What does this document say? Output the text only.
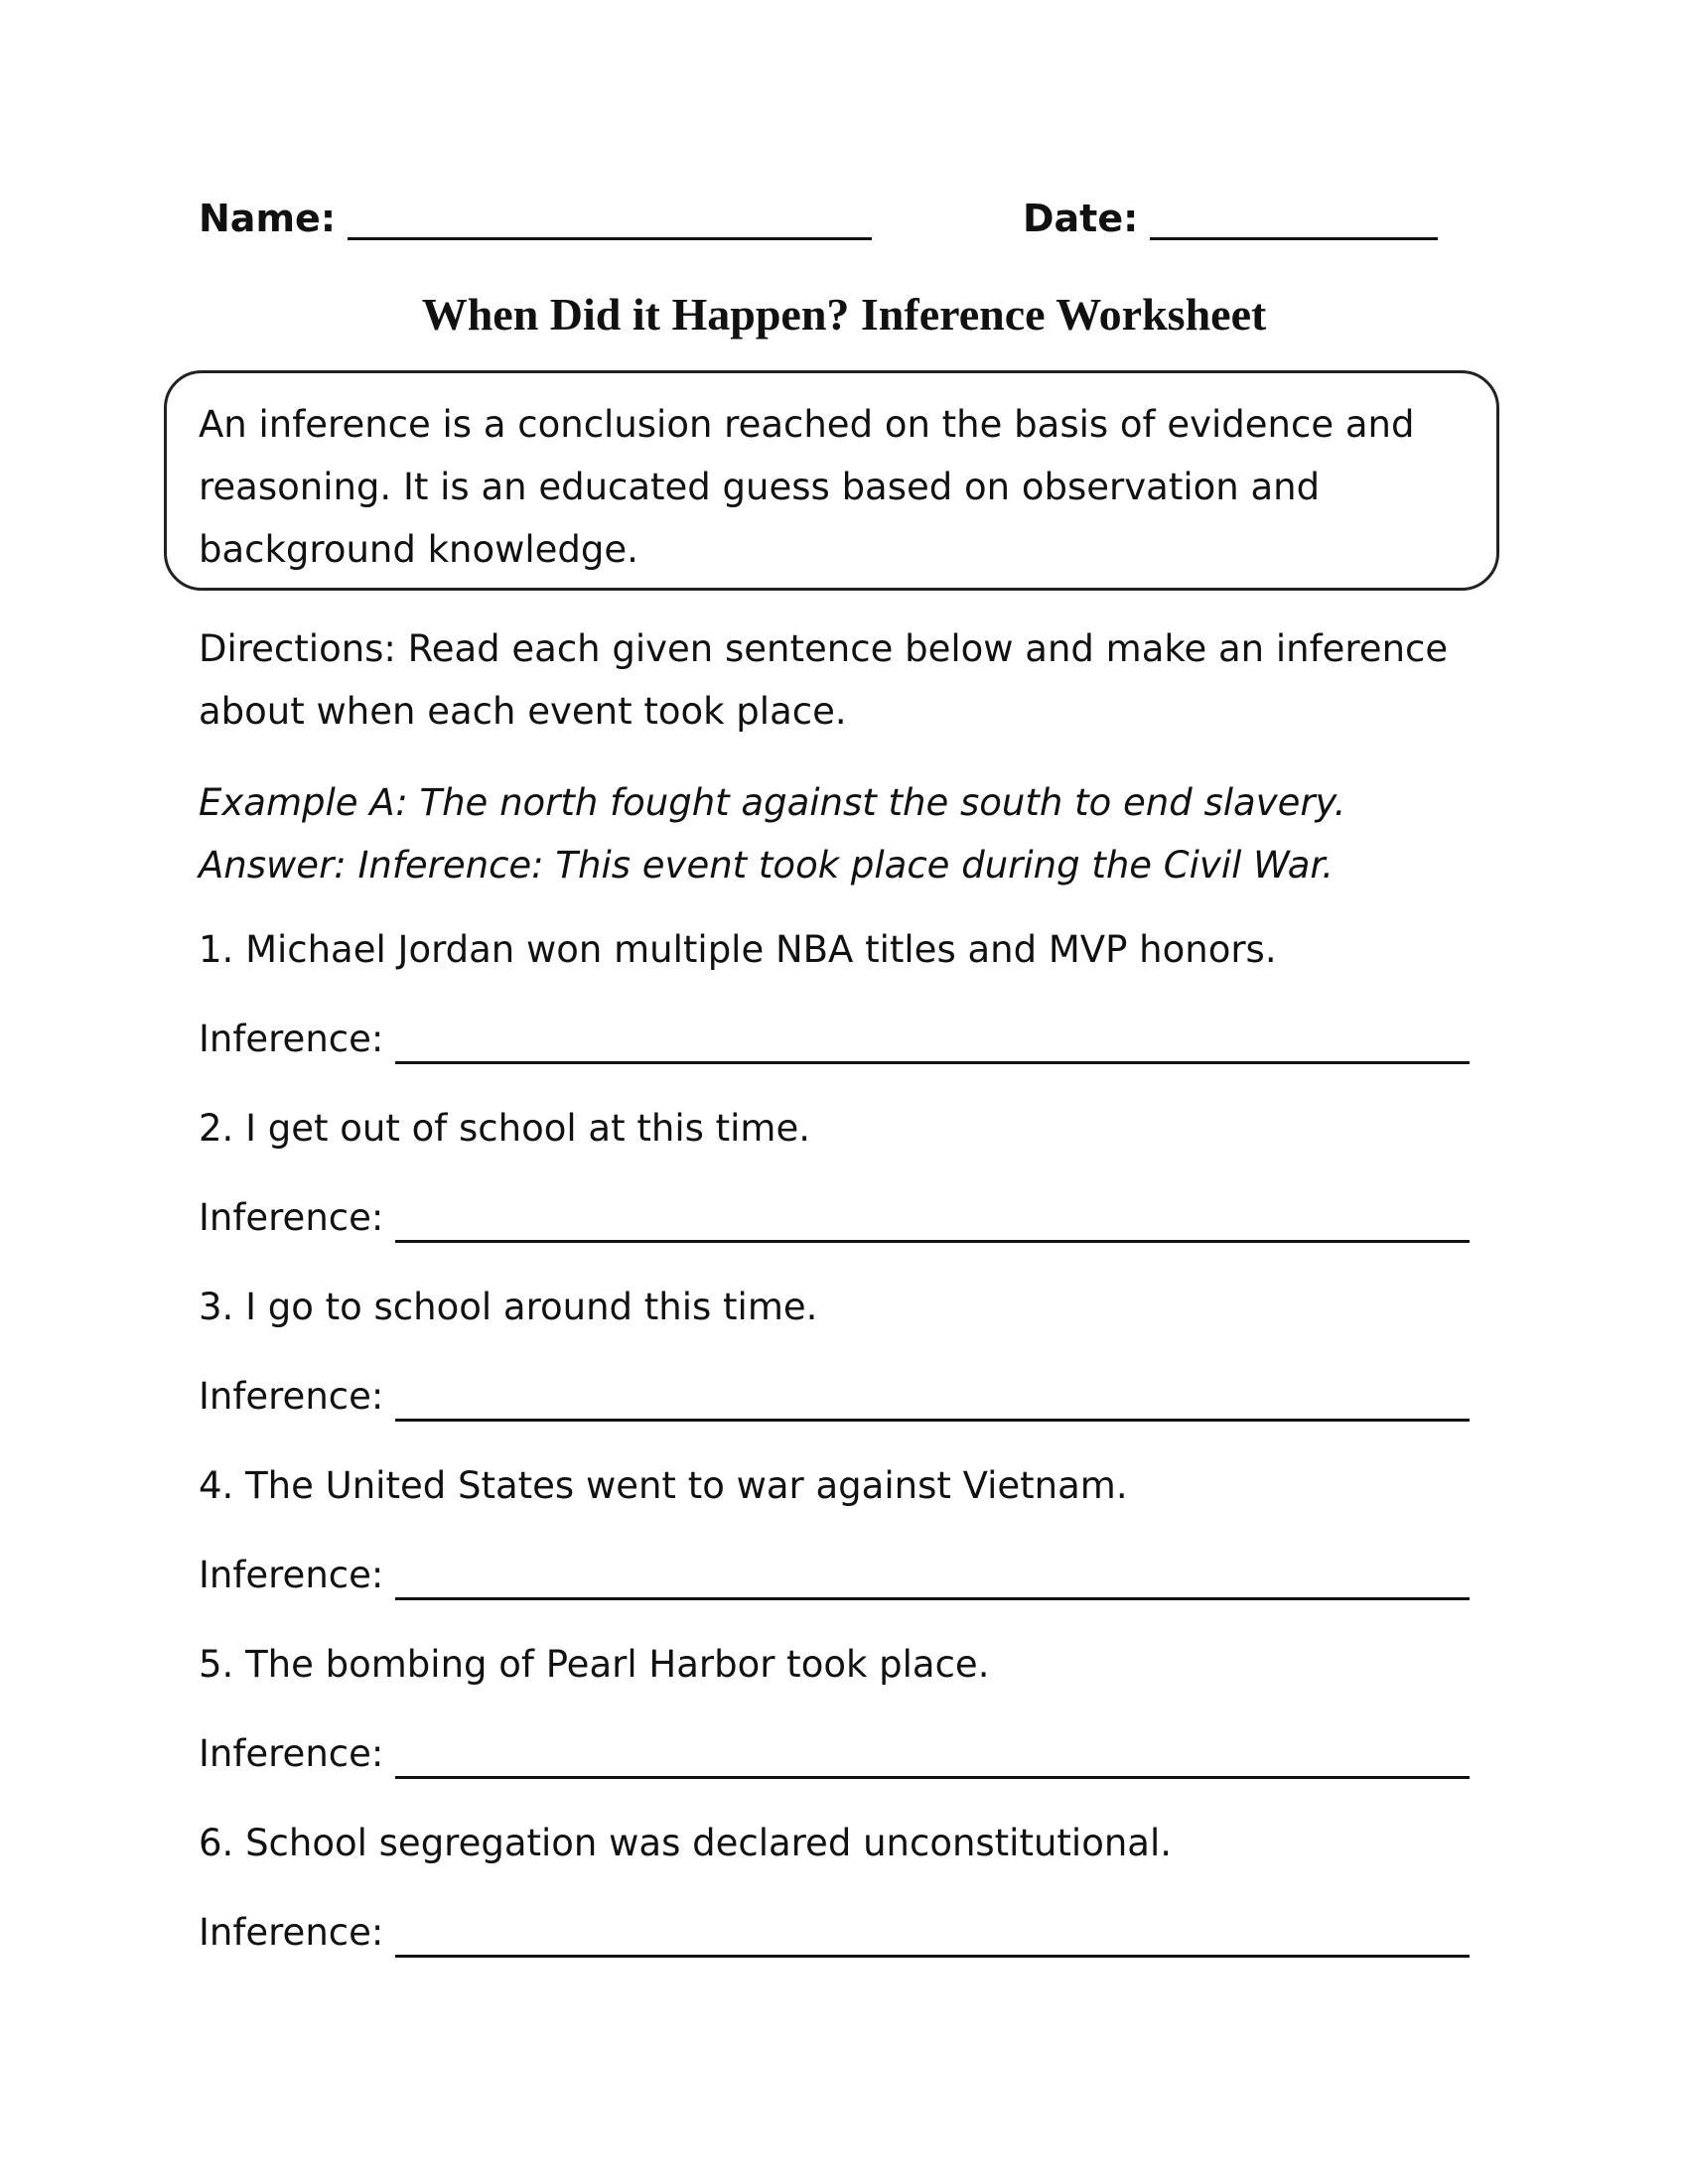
Name:	Date:
When Did it Happen? Inference Worksheet
An inference is a conclusion reached on the basis of evidence and reasoning. It is an educated guess based on observation and background knowledge.
Directions: Read each given sentence below and make an inference about when each event took place.
Example A: The north fought against the south to end slavery.
Answer: Inference: This event took place during the Civil War.
1. Michael Jordan won multiple NBA titles and MVP honors.
Inference:
2. I get out of school at this time.
Inference:
3. I go to school around this time.
Inference:
4. The United States went to war against Vietnam.
Inference:
5. The bombing of Pearl Harbor took place.
Inference:
6. School segregation was declared unconstitutional.
Inference:
